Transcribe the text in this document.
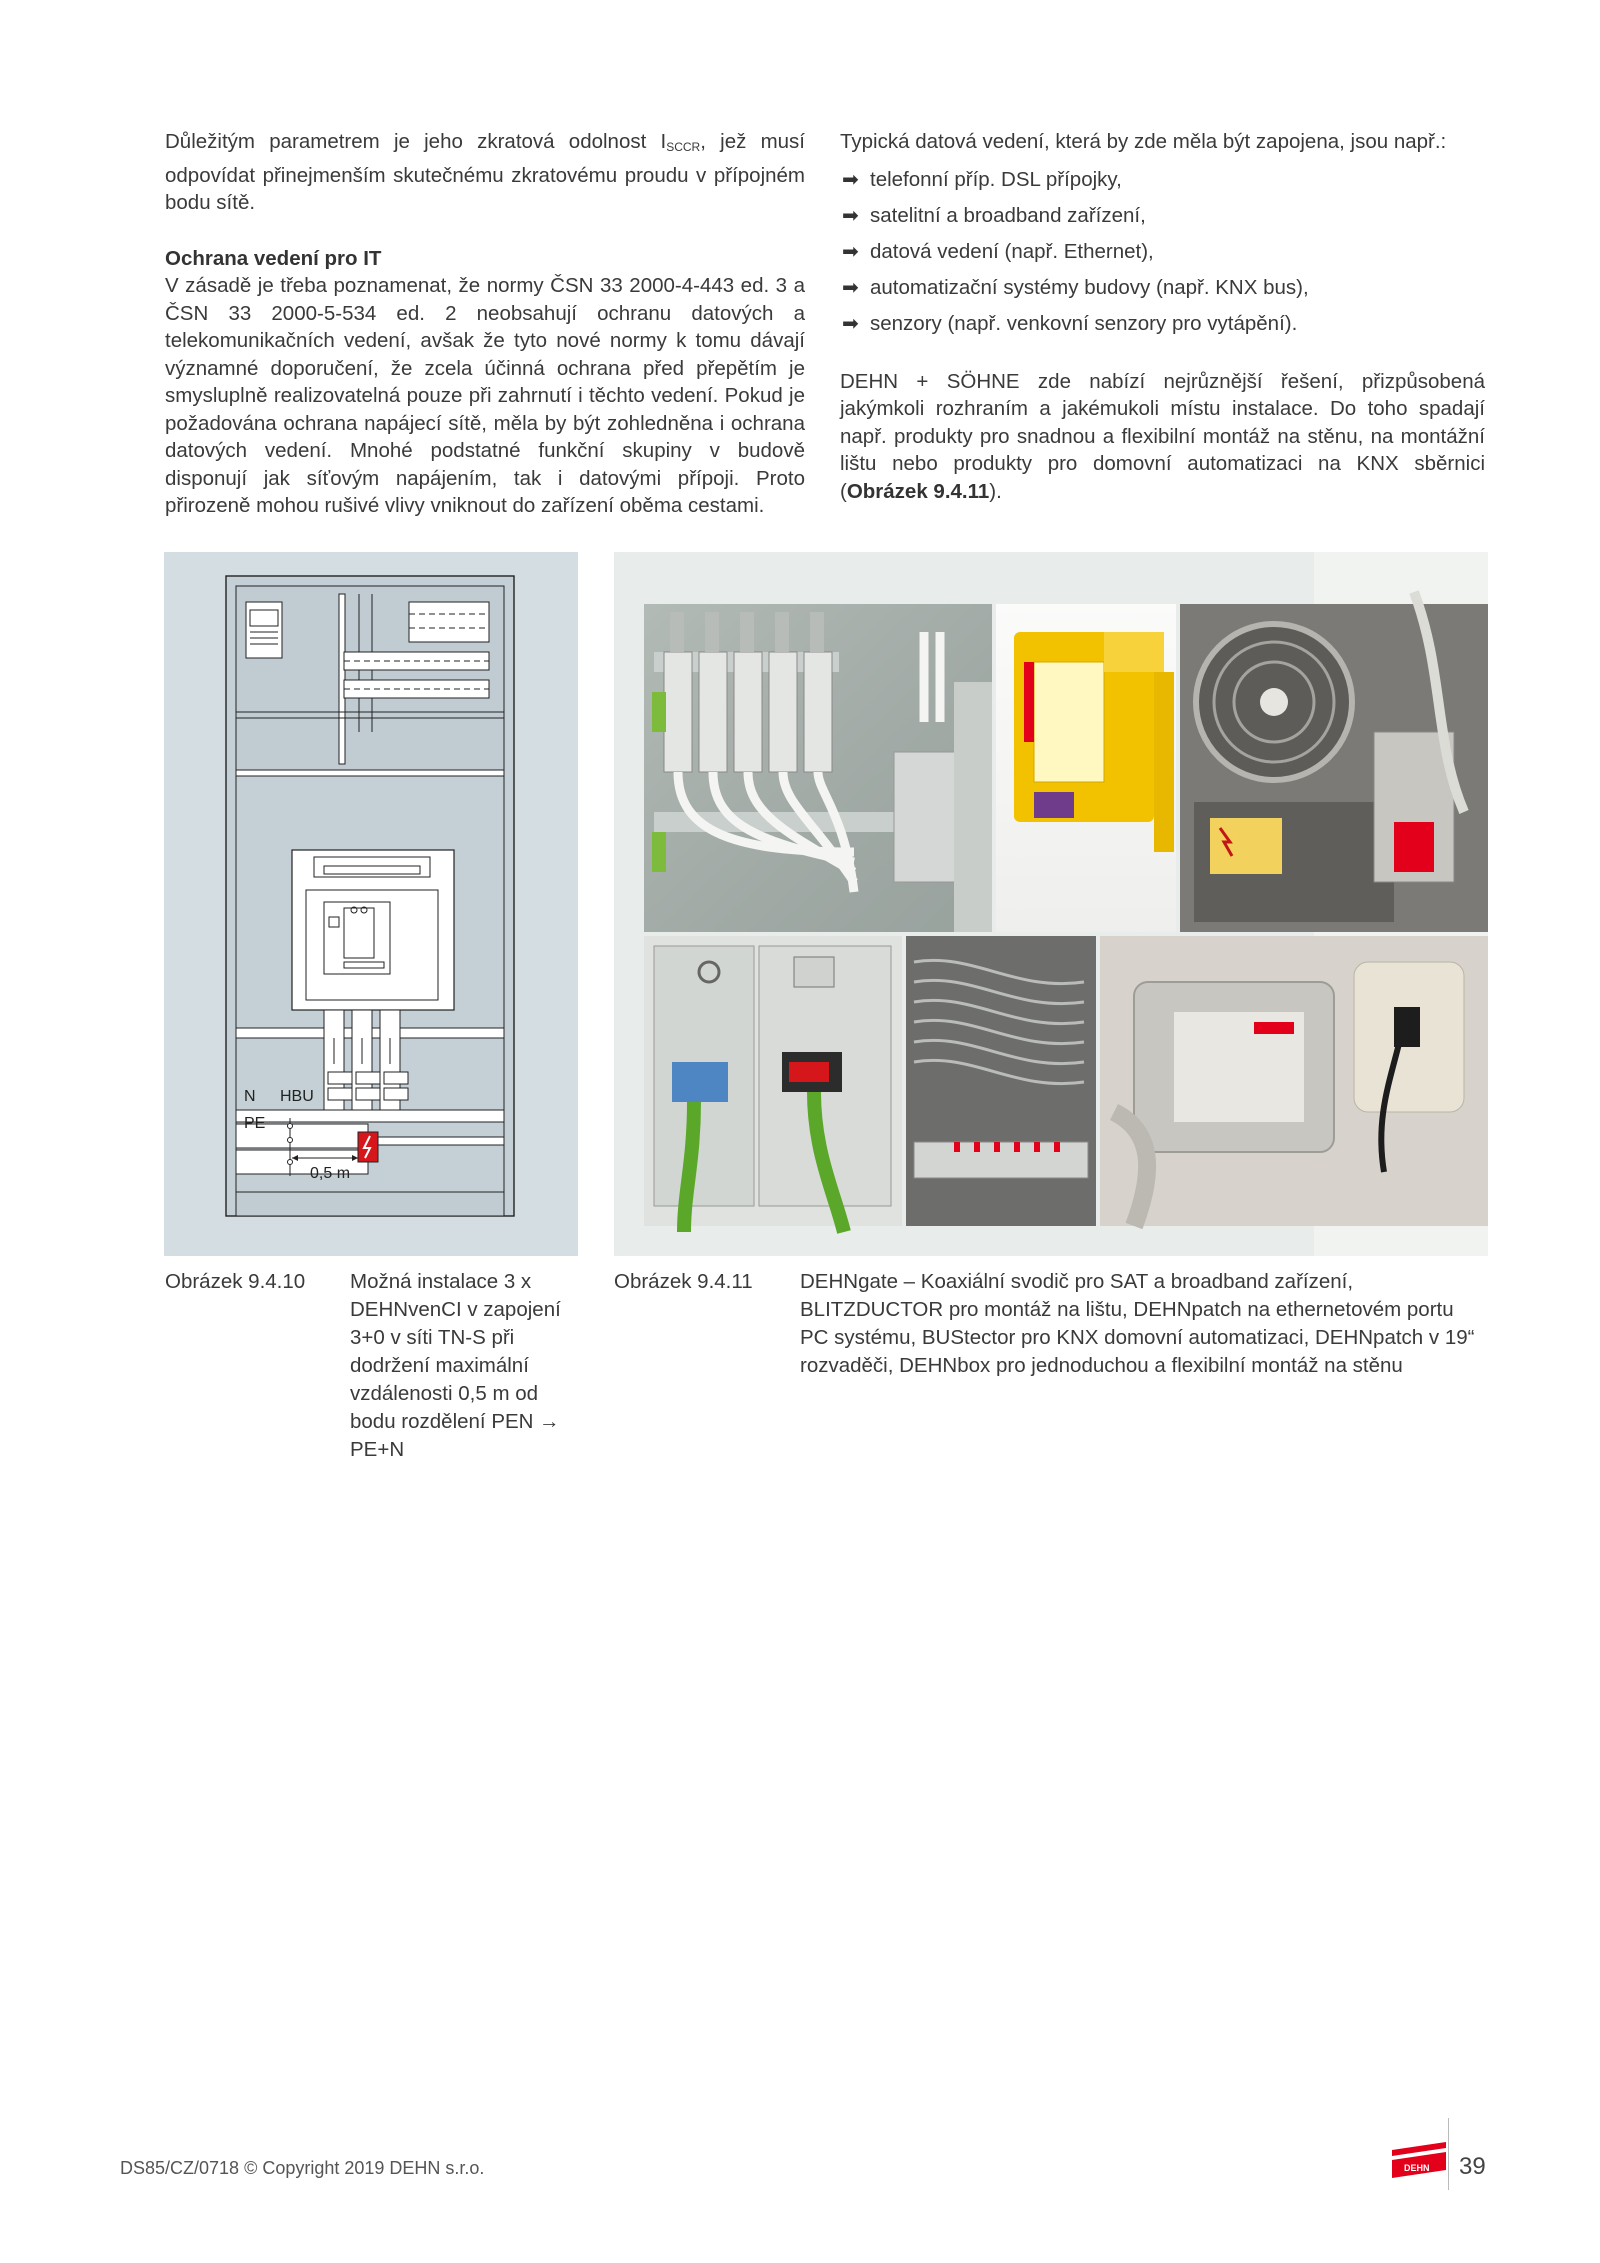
Důležitým parametrem je jeho zkratová odolnost $I_{SCCR}$, jež musí odpovídat přinejmenším skutečnému zkratovému proudu v přípojném bodu sítě.

Ochrana vedení pro IT

V zásadě je třeba poznamenat, že normy ČSN 33 2000-4-443 ed. 3 a ČSN 33 2000-5-534 ed. 2 neobsahují ochranu datových a telekomunikačních vedení, avšak že tyto nové normy k tomu dávají významné doporučení, že zcela účinná ochrana před přepětím je smysluplně realizovatelná pouze při zahrnutí i těchto vedení. Pokud je požadována ochrana napájecí sítě, měla by být zohledněna i ochrana datových vedení. Mnohé podstatné funkční skupiny v budově disponují jak síťovým napájením, tak i datovými přípoji. Proto přirozeně mohou rušivé vlivy vniknout do zařízení oběma cestami.

Typická datová vedení, která by zde měla být zapojena, jsou např.:

➡ telefonní příp. DSL přípojky,
➡ satelitní a broadband zařízení,
➡ datová vedení (např. Ethernet),
➡ automatizační systémy budovy (např. KNX bus),
➡ senzory (např. venkovní senzory pro vytápění).

DEHN + SÖHNE zde nabízí nejrůznější řešení, přizpůsobená jakýmkoli rozhraním a jakémukoli místu instalace. Do toho spadají např. produkty pro snadnou a flexibilní montáž na stěnu, na montážní lištu nebo produkty pro domovní automatizaci na KNX sběrnici (Obrázek 9.4.11).

N HBU
PE
0,5 m
Obrázek 9.4.10 Možná instalace 3 x DEHNvenCI v zapojení 3+0 v síti TN-S při dodržení maximální vzdálenosti 0,5 m od bodu rozdělení PEN → PE+N
Obrázek 9.4.11 DEHNgate – Koaxiální svodič pro SAT a broadband zařízení, BLITZDUCTOR pro montáž na lištu, DEHNpatch na ethernetovém portu PC systému, BUStector pro KNX domovní automatizaci, DEHNpatch v 19“ rozvaděči, DEHNbox pro jednoduchou a flexibilní montáž na stěnu
DS85/CZ/0718 © Copyright 2019 DEHN s.r.o.	DEHN 39
